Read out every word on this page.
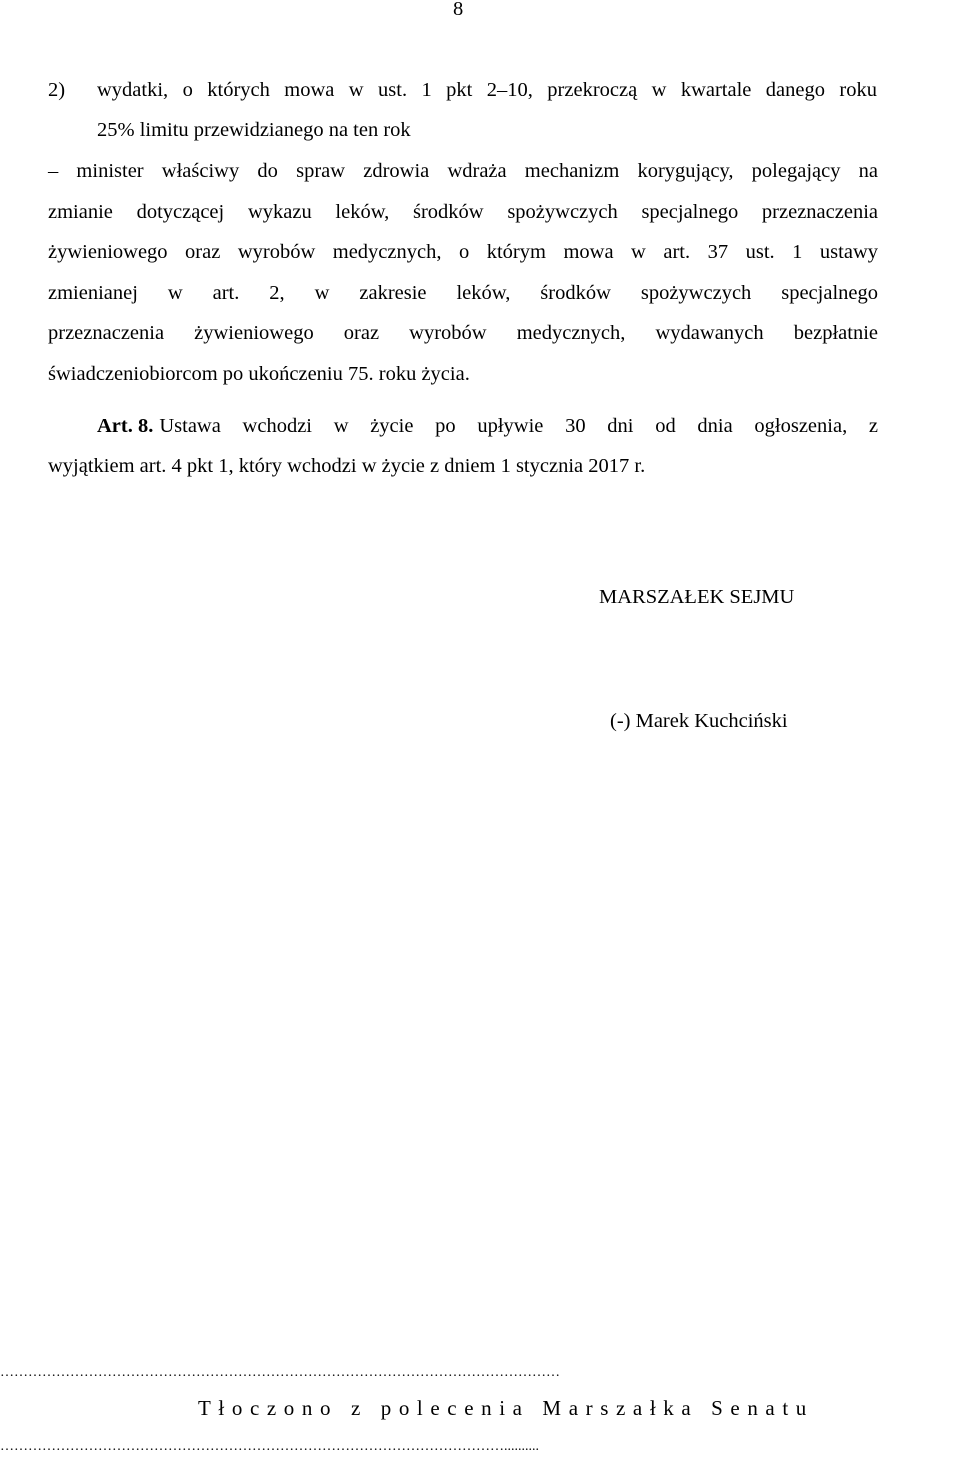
8
2) wydatki, o których mowa w ust. 1 pkt 2–10, przekroczą w kwartale danego roku
25% limitu przewidzianego na ten rok
– minister właściwy do spraw zdrowia wdraża mechanizm korygujący, polegający na
zmianie dotyczącej wykazu leków, środków spożywczych specjalnego przeznaczenia
żywieniowego oraz wyrobów medycznych, o którym mowa w art. 37 ust. 1 ustawy
zmienianej w art. 2, w zakresie leków, środków spożywczych specjalnego
przeznaczenia żywieniowego oraz wyrobów medycznych, wydawanych bezpłatnie
świadczeniobiorcom po ukończeniu 75. roku życia.
Art. 8. Ustawa wchodzi w życie po upływie 30 dni od dnia ogłoszenia, z
wyjątkiem art. 4 pkt 1, który wchodzi w życie z dniem 1 stycznia 2017 r.
MARSZAŁEK SEJMU
(-) Marek Kuchciński
…………………………………………………………………………………………………………
Tłoczono z polecenia Marszałka Senatu
………………………………………………………………………………………………..........
